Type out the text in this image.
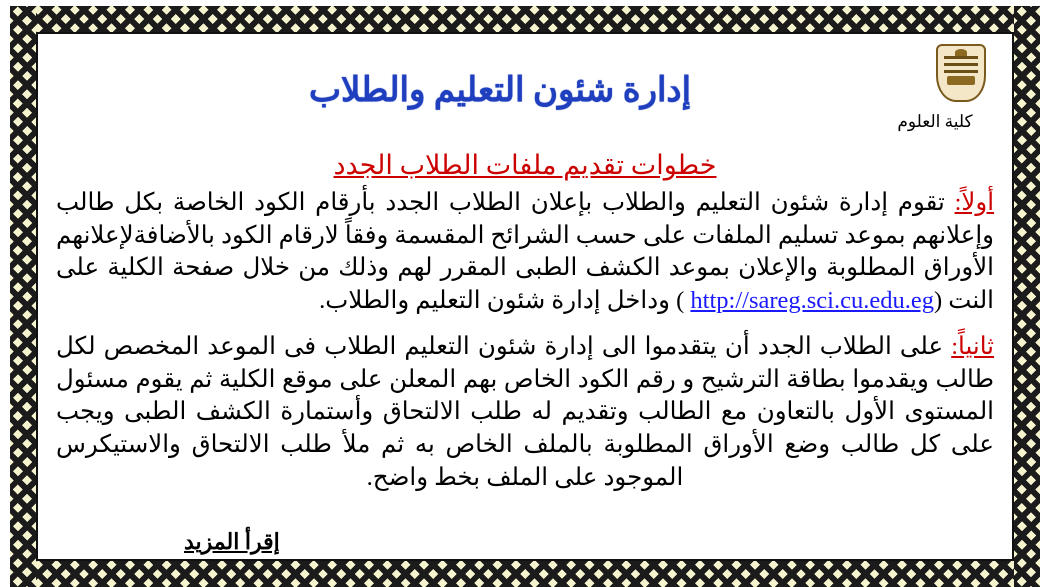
كلية العلوم
إدارة شئون التعليم والطلاب
خطوات تقديم ملفات الطلاب الجدد

أولاً: تقوم إدارة شئون التعليم والطلاب بإعلان الطلاب الجدد بأرقام الكود الخاصة بكل طالب وإعلانهم بموعد تسليم الملفات على حسب الشرائح المقسمة وفقاً لارقام الكود بالأضافةلإعلانهم الأوراق المطلوبة والإعلان بموعد الكشف الطبى المقرر لهم وذلك من خلال صفحة الكلية على النت (http://sareg.sci.cu.edu.eg ) وداخل إدارة شئون التعليم والطلاب.

ثانياً: على الطلاب الجدد أن يتقدموا الى إدارة شئون التعليم الطلاب فى الموعد المخصص لكل طالب ويقدموا بطاقة الترشيح و رقم الكود الخاص بهم المعلن على موقع الكلية ثم يقوم مسئول المستوى الأول بالتعاون مع الطالب وتقديم له طلب الالتحاق وأستمارة الكشف الطبى ويجب على كل طالب وضع الأوراق المطلوبة بالملف الخاص به ثم ملأ طلب الالتحاق والاستيكرس الموجود على الملف بخط واضح.

إقرأ المزيد
